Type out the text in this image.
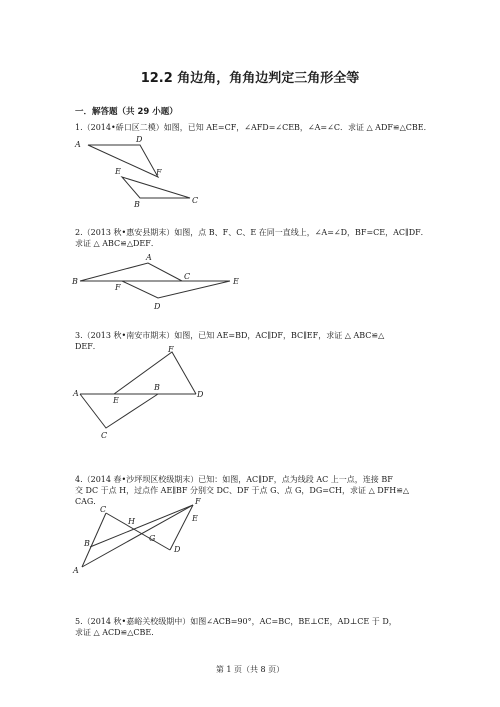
12.2 角边角，角角边判定三角形全等
一．解答题（共 29 小题）
1.（2014•硚口区二模）如图，已知 AE=CF，∠AFD=∠CEB，∠A=∠C．求证 △ ADF≌△CBE．
A
D
E	F
B	C
2.（2013 秋•惠安县期末）如图，点 B、F、C、E 在同一直线上，∠A=∠D，BF=CE，AC∥DF．
求证 △ ABC≌△DEF．
B
A
C
F
D
E
3.（2013 秋•南安市期末）如图，已知 AE=BD，AC∥DF，BC∥EF，求证 △ ABC≌△
DEF．
A
E
B
D
F
C
4.（2014 春•沙坪坝区校级期末）已知：如图，AC∥DF，点为线段 AC 上一点，连接 BF
交 DC 于点 H，过点作 AE∥BF 分别交 DC、DF 于点 G、点 G，DG=CH，求证 △ DFH≌△
CAG．
A
B
C
H
G
D
F
E
5.（2014 秋•嘉峪关校级期中）如图∠ACB=90°，AC=BC，BE⊥CE，AD⊥CE 于 D，
求证 △ ACD≌△CBE．
第 1 页（共 8 页）
